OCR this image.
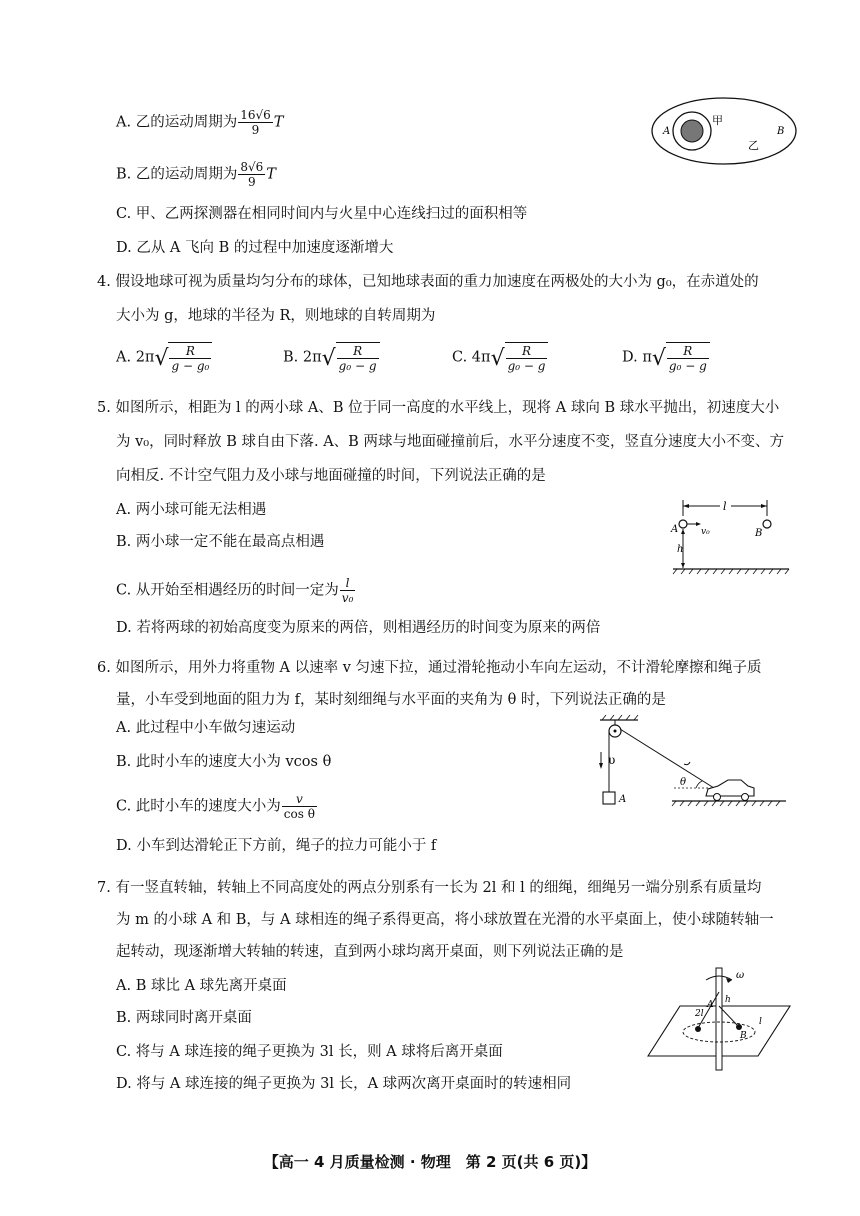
A. 乙的运动周期为 $\frac{16√6}{9}$ T
B. 乙的运动周期为 $\frac{8√6}{9}$ T
C. 甲、乙两探测器在相同时间内与火星中心连线扫过的面积相等
D. 乙从 A 飞向 B 的过程中加速度逐渐增大
A
甲
B
乙
4. 假设地球可视为质量均匀分布的球体，已知地球表面的重力加速度在两极处的大小为 g₀，在赤道处的
大小为 g，地球的半径为 R，则地球的自转周期为
A. $2\pi√ \frac{R}{\text{g − g₀}}$	B. $2\pi√ \frac{R}{\text{g₀ − g}}$	C. $4\pi√ \frac{R}{\text{g₀ − g}}$	D. $\pi√ \frac{R}{\text{g₀ − g}}$
5. 如图所示，相距为 l 的两小球 A、B 位于同一高度的水平线上，现将 A 球向 B 球水平抛出，初速度大小
为 v₀，同时释放 B 球自由下落. A、B 两球与地面碰撞前后，水平分速度不变，竖直分速度大小不变、方
向相反. 不计空气阻力及小球与地面碰撞的时间，下列说法正确的是
A. 两小球可能无法相遇
B. 两小球一定不能在最高点相遇
C. 从开始至相遇经历的时间一定为 $\frac{l}{\text{v₀}}$
D. 若将两球的初始高度变为原来的两倍，则相遇经历的时间变为原来的两倍
l
A	v₀	B
h
6. 如图所示，用外力将重物 A 以速率 v 匀速下拉，通过滑轮拖动小车向左运动，不计滑轮摩擦和绳子质
量，小车受到地面的阻力为 f，某时刻细绳与水平面的夹角为 θ 时，下列说法正确的是
A. 此过程中小车做匀速运动
B. 此时小车的速度大小为 vcos θ
C. 此时小车的速度大小为 $\frac{v}{\text{cos θ}}$
D. 小车到达滑轮正下方前，绳子的拉力可能小于 f
A
υ
θ
7. 有一竖直转轴，转轴上不同高度处的两点分别系有一长为 2l 和 l 的细绳，细绳另一端分别系有质量均
为 m 的小球 A 和 B，与 A 球相连的绳子系得更高，将小球放置在光滑的水平桌面上，使小球随转轴一
起转动，现逐渐增大转轴的转速，直到两小球均离开桌面，则下列说法正确的是
A. B 球比 A 球先离开桌面
B. 两球同时离开桌面
C. 将与 A 球连接的绳子更换为 3l 长，则 A 球将后离开桌面
D. 将与 A 球连接的绳子更换为 3l 长，A 球两次离开桌面时的转速相同
ω
2l
A h
l
B
【高一 4 月质量检测 · 物理　第 2 页(共 6 页)】
